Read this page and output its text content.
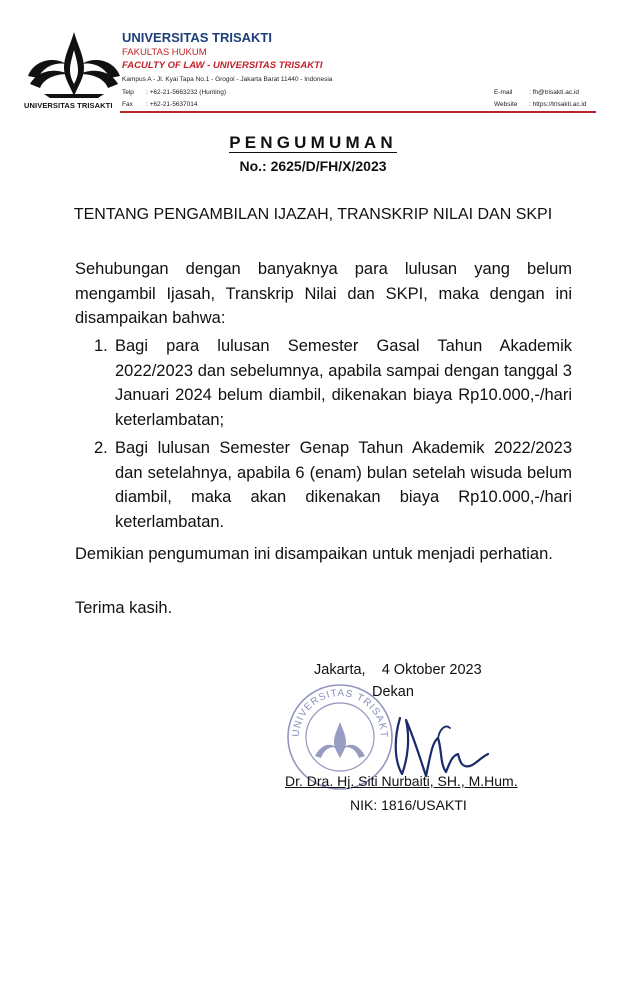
UNIVERSITAS TRISAKTI
UNIVERSITAS TRISAKTI
FAKULTAS HUKUM
FACULTY OF LAW - UNIVERSITAS TRISAKTI
Kampus A - Jl. Kyai Tapa No.1 - Grogol - Jakarta Barat 11440 - Indonesia
Telp : +62-21-5663232 (Hunting)
Fax : +62-21-5637014
E-mail	: fh@trisakti.ac.id
Website : https://trisakti.ac.id
PENGUMUMAN
No.: 2625/D/FH/X/2023
TENTANG PENGAMBILAN IJAZAH, TRANSKRIP NILAI DAN SKPI
Sehubungan dengan banyaknya para lulusan yang belum mengambil Ijasah, Transkrip Nilai dan SKPI, maka dengan ini disampaikan bahwa:
1. Bagi para lulusan Semester Gasal Tahun Akademik 2022/2023 dan sebelumnya, apabila sampai dengan tanggal 3 Januari 2024 belum diambil, dikenakan biaya Rp10.000,-/hari keterlambatan;
2. Bagi lulusan Semester Genap Tahun Akademik 2022/2023 dan setelahnya, apabila 6 (enam) bulan setelah wisuda belum diambil, maka akan dikenakan biaya Rp10.000,-/hari keterlambatan.
Demikian pengumuman ini disampaikan untuk menjadi perhatian.
Terima kasih.
UNIVERSITAS TRISAKT
Jakarta,    4 Oktober 2023
Dekan
Dr. Dra. Hj. Siti Nurbaiti, SH., M.Hum.
NIK: 1816/USAKTI
